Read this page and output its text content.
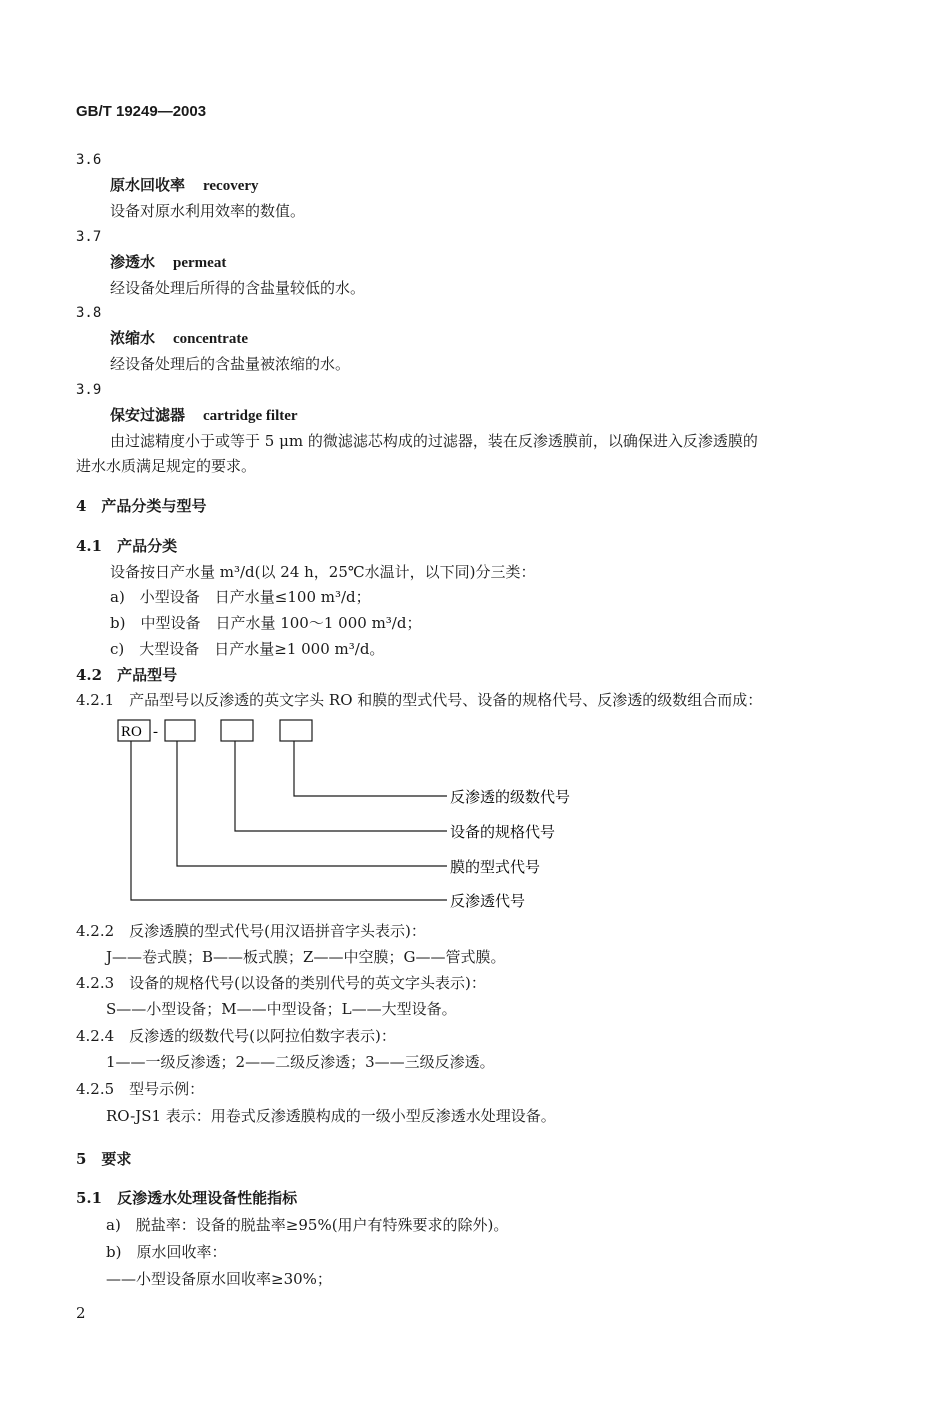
GB/T 19249—2003
3.6
原水回收率 recovery
设备对原水利用效率的数值。
3.7
渗透水 permeat
经设备处理后所得的含盐量较低的水。
3.8
浓缩水 concentrate
经设备处理后的含盐量被浓缩的水。
3.9
保安过滤器 cartridge filter
由过滤精度小于或等于 5 μm 的微滤滤芯构成的过滤器，装在反渗透膜前，以确保进入反渗透膜的
进水水质满足规定的要求。
4　产品分类与型号
4.1　产品分类
设备按日产水量 m³/d(以 24 h，25℃水温计，以下同)分三类：
a)　小型设备　日产水量≤100 m³/d；
b)　中型设备　日产水量 100～1 000 m³/d；
c)　大型设备　日产水量≥1 000 m³/d。
4.2　产品型号
4.2.1　产品型号以反渗透的英文字头 RO 和膜的型式代号、设备的规格代号、反渗透的级数组合而成：
RO -
反渗透的级数代号
设备的规格代号
膜的型式代号
反渗透代号
4.2.2　反渗透膜的型式代号(用汉语拼音字头表示)：
J——卷式膜；B——板式膜；Z——中空膜；G——管式膜。
4.2.3　设备的规格代号(以设备的类别代号的英文字头表示)：
S——小型设备；M——中型设备；L——大型设备。
4.2.4　反渗透的级数代号(以阿拉伯数字表示)：
1——一级反渗透；2——二级反渗透；3——三级反渗透。
4.2.5　型号示例：
RO-JS1 表示：用卷式反渗透膜构成的一级小型反渗透水处理设备。
5　要求
5.1　反渗透水处理设备性能指标
a)　脱盐率：设备的脱盐率≥95%(用户有特殊要求的除外)。
b)　原水回收率：
——小型设备原水回收率≥30%；
2
